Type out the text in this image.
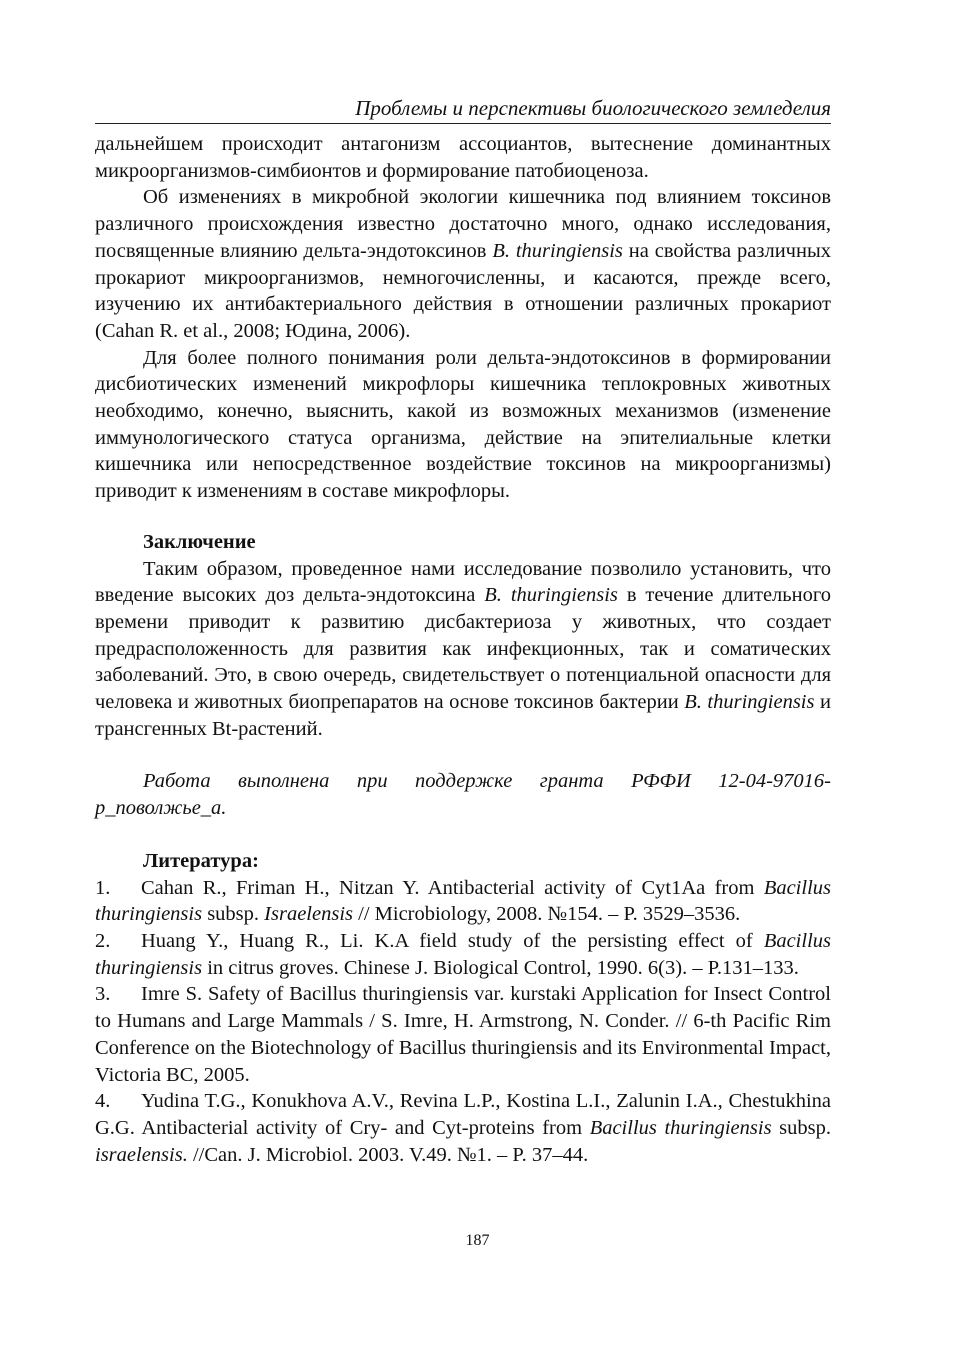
Проблемы и перспективы биологического земледелия

дальнейшем происходит антагонизм ассоциантов, вытеснение доминантных микроорганизмов-симбионтов и формирование патобиоценоза.

Об изменениях в микробной экологии кишечника под влиянием токсинов различного происхождения известно достаточно много, однако исследования, посвященные влиянию дельта-эндотоксинов B. thuringiensis на свойства различных прокариот микроорганизмов, немногочисленны, и касаются, прежде всего, изучению их антибактериального действия в отношении различных прокариот (Cahan R. et al., 2008; Юдина, 2006).

Для более полного понимания роли дельта-эндотоксинов в формировании дисбиотических изменений микрофлоры кишечника теплокровных животных необходимо, конечно, выяснить, какой из возможных механизмов (изменение иммунологического статуса организма, действие на эпителиальные клетки кишечника или непосредственное воздействие токсинов на микроорганизмы) приводит к изменениям в составе микрофлоры.

Заключение

Таким образом, проведенное нами исследование позволило установить, что введение высоких доз дельта-эндотоксина B. thuringiensis в течение длительного времени приводит к развитию дисбактериоза у животных, что создает предрасположенность для развития как инфекционных, так и соматических заболеваний. Это, в свою очередь, свидетельствует о потенциальной опасности для человека и животных биопрепаратов на основе токсинов бактерии B. thuringiensis и трансгенных Bt-растений.

Работа выполнена при поддержке гранта РФФИ 12-04-97016-р_поволжье_а.

Литература:

1. Cahan R., Friman H., Nitzan Y. Antibacterial activity of Cyt1Aa from Bacillus thuringiensis subsp. Israelensis // Microbiology, 2008. №154. – P. 3529–3536.

2. Huang Y., Huang R., Li. K.A field study of the persisting effect of Bacillus thuringiensis in citrus groves. Chinese J. Biological Control, 1990. 6(3). – P.131–133.

3. Imre S. Safety of Bacillus thuringiensis var. kurstaki Application for Insect Control to Humans and Large Mammals / S. Imre, H. Armstrong, N. Conder. // 6-th Pacific Rim Conference on the Biotechnology of Bacillus thuringiensis and its Environmental Impact, Victoria BC, 2005.

4. Yudina T.G., Konukhova A.V., Revina L.P., Kostina L.I., Zalunin I.A., Chestukhina G.G. Antibacterial activity of Cry- and Cyt-proteins from Bacillus thuringiensis subsp. israelensis. //Can. J. Microbiol. 2003. V.49. №1. – P. 37–44.

187
